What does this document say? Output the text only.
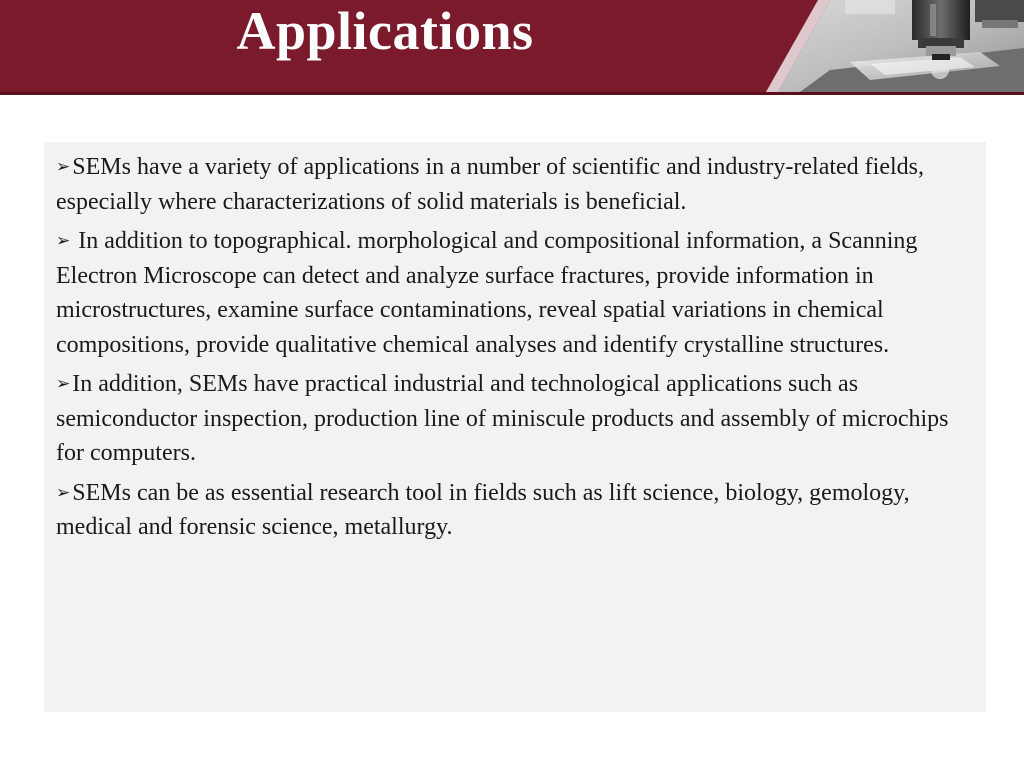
Applications

➢SEMs have a variety of applications in a number of scientific and industry-related fields, especially where characterizations of solid materials is beneficial.

➢ In addition to topographical. morphological and compositional information, a Scanning Electron Microscope can detect and analyze surface fractures, provide information in microstructures, examine surface contaminations, reveal spatial variations in chemical compositions, provide qualitative chemical analyses and identify crystalline structures.

➢In addition, SEMs have practical industrial and technological applications such as semiconductor inspection, production line of miniscule products and assembly of microchips for computers.

➢SEMs can be as essential research tool in fields such as lift science, biology, gemology, medical and forensic science, metallurgy.
